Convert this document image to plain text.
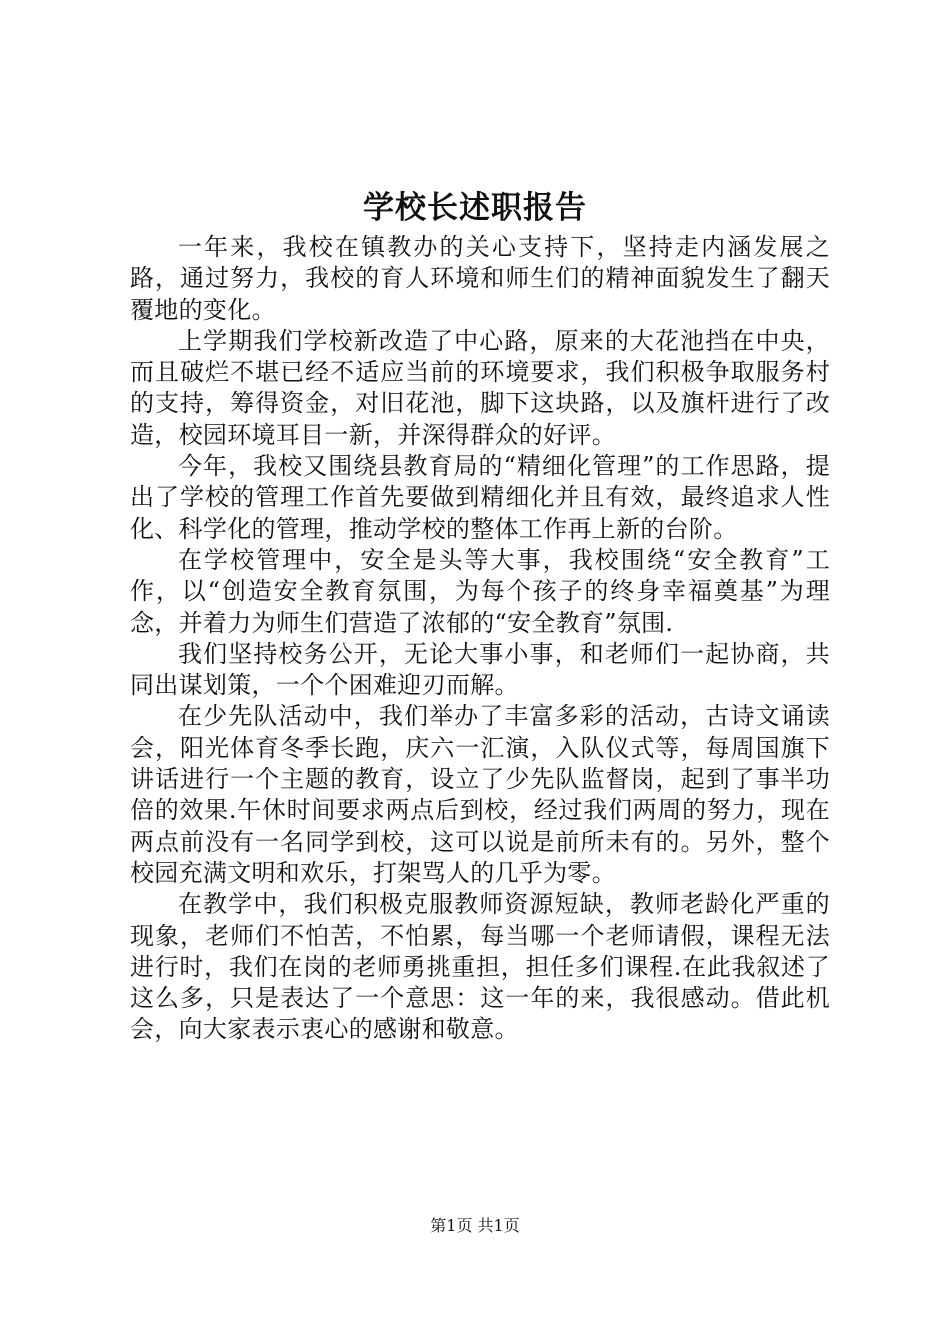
学校长述职报告

一年来，我校在镇教办的关心支持下，坚持走内涵发展之路，通过努力，我校的育人环境和师生们的精神面貌发生了翻天覆地的变化。

上学期我们学校新改造了中心路，原来的大花池挡在中央，而且破烂不堪已经不适应当前的环境要求，我们积极争取服务村的支持，筹得资金，对旧花池，脚下这块路，以及旗杆进行了改造，校园环境耳目一新，并深得群众的好评。

今年，我校又围绕县教育局的“精细化管理”的工作思路，提出了学校的管理工作首先要做到精细化并且有效，最终追求人性化、科学化的管理，推动学校的整体工作再上新的台阶。

在学校管理中，安全是头等大事，我校围绕“安全教育”工作，以“创造安全教育氛围，为每个孩子的终身幸福奠基”为理念，并着力为师生们营造了浓郁的“安全教育”氛围.

我们坚持校务公开，无论大事小事，和老师们一起协商，共同出谋划策，一个个困难迎刃而解。

在少先队活动中，我们举办了丰富多彩的活动，古诗文诵读会，阳光体育冬季长跑，庆六一汇演，入队仪式等，每周国旗下讲话进行一个主题的教育，设立了少先队监督岗，起到了事半功倍的效果.午休时间要求两点后到校，经过我们两周的努力，现在两点前没有一名同学到校，这可以说是前所未有的。另外，整个校园充满文明和欢乐，打架骂人的几乎为零。

在教学中，我们积极克服教师资源短缺，教师老龄化严重的现象，老师们不怕苦，不怕累，每当哪一个老师请假，课程无法进行时，我们在岗的老师勇挑重担，担任多们课程.在此我叙述了这么多，只是表达了一个意思：这一年的来，我很感动。借此机会，向大家表示衷心的感谢和敬意。

第1页 共1页
